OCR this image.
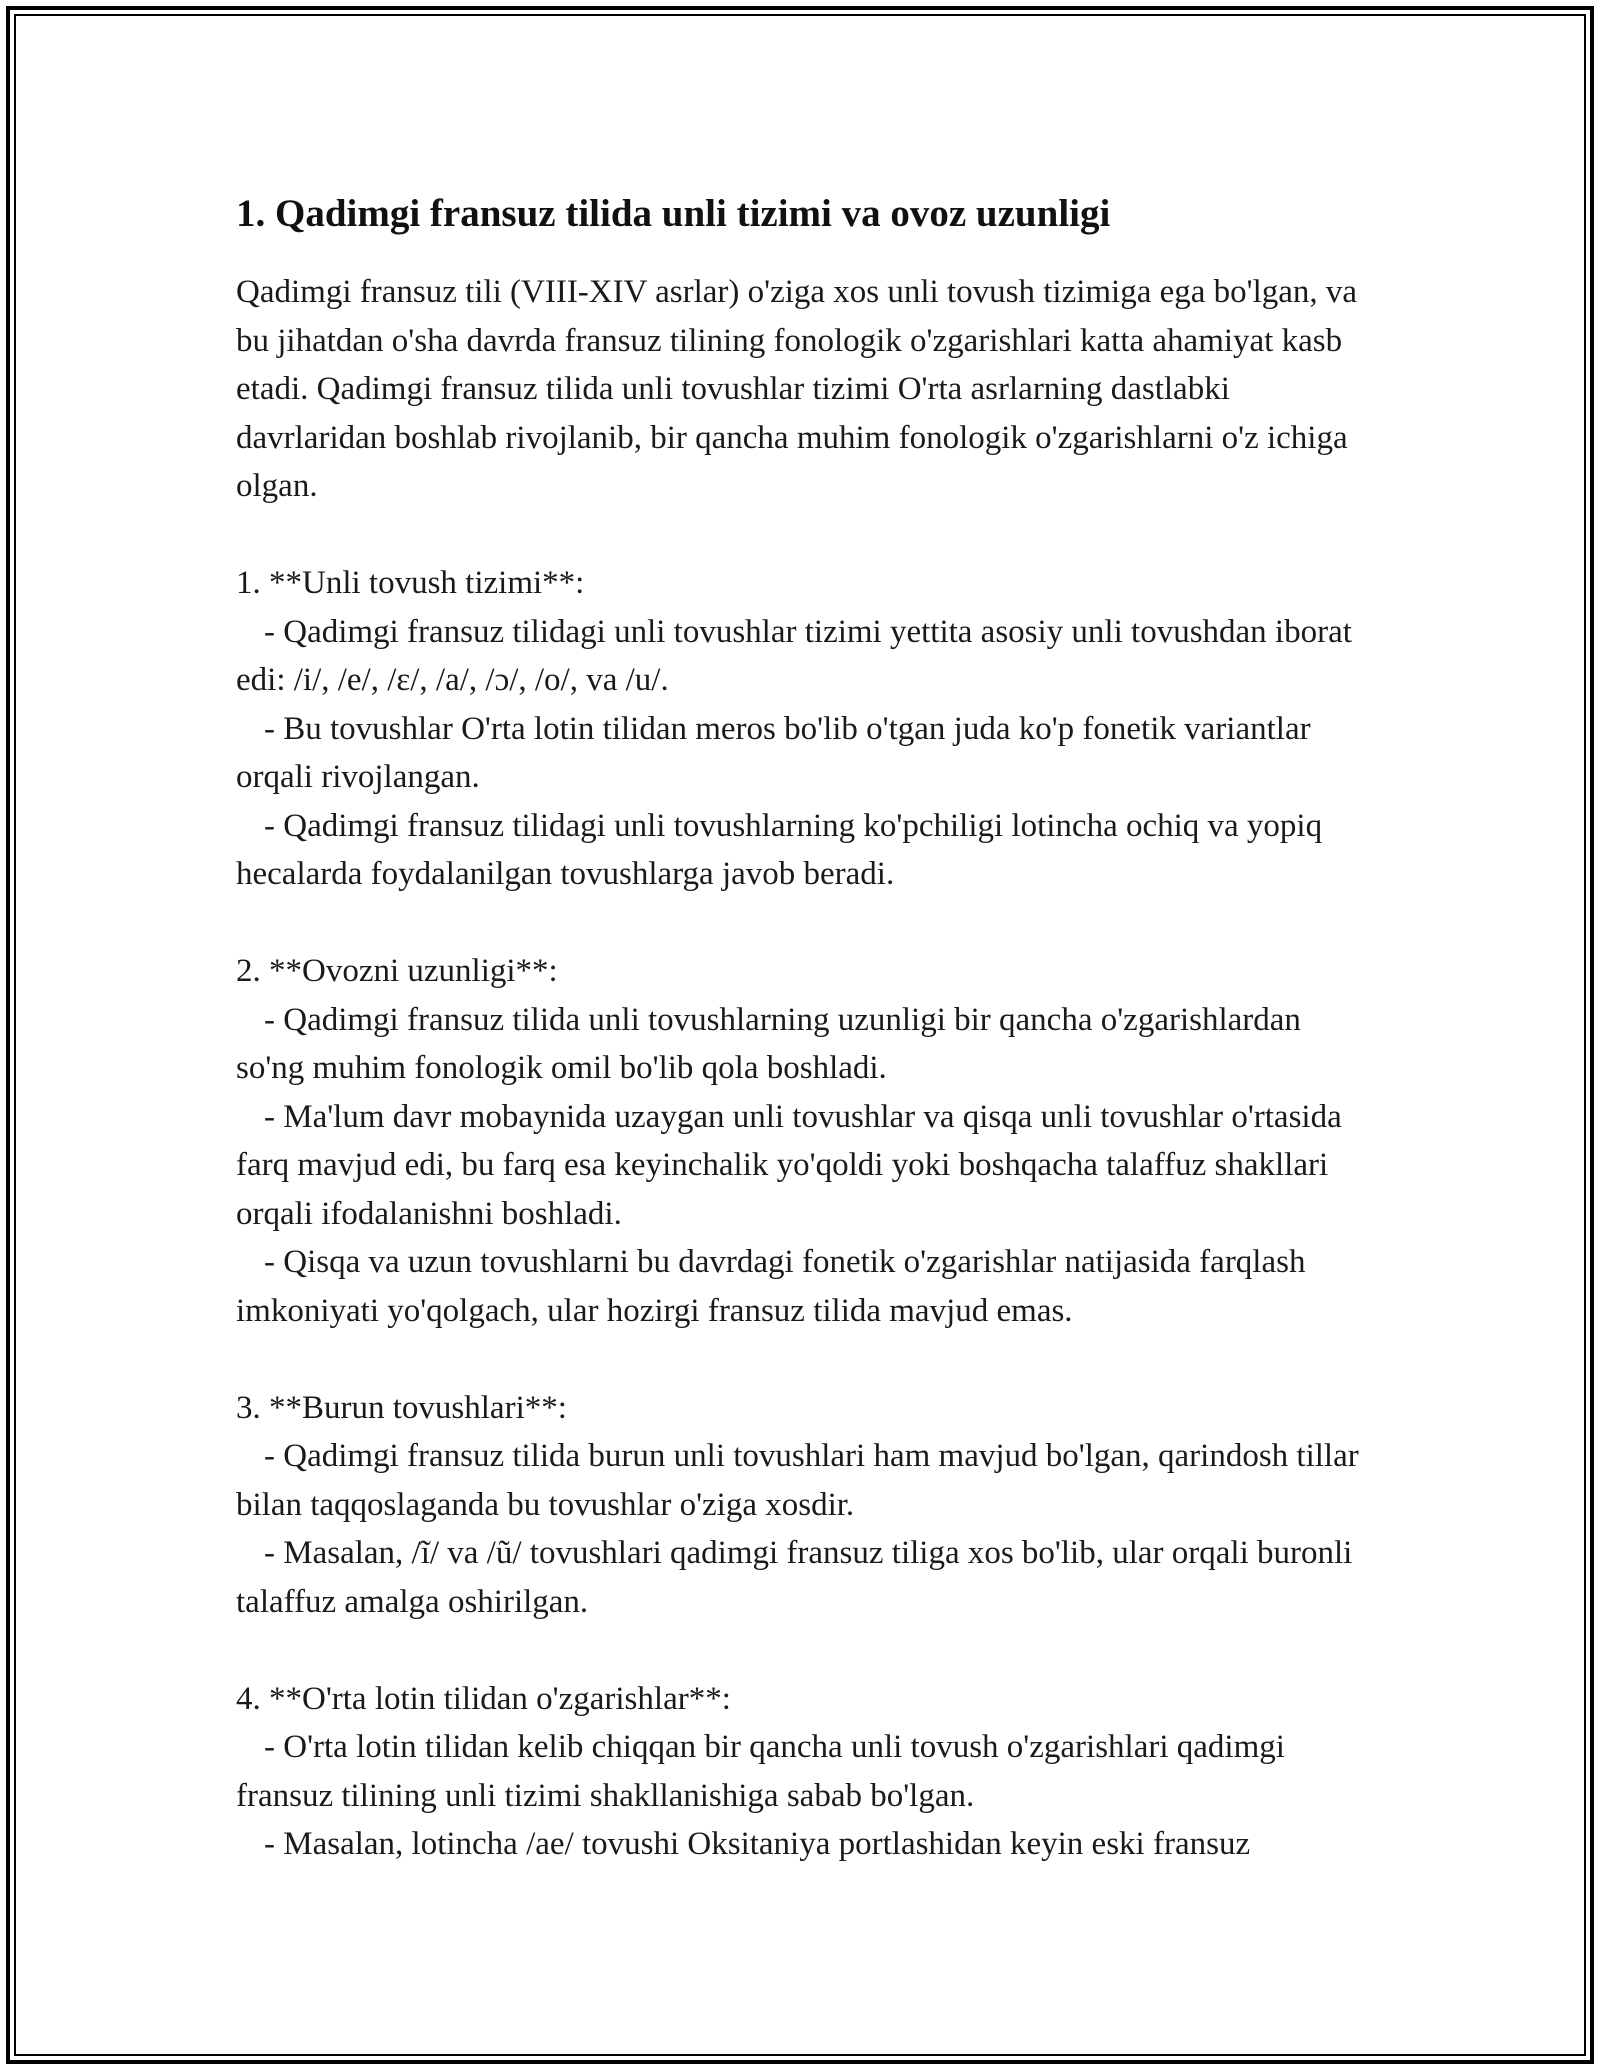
1. Qadimgi fransuz tilida unli tizimi va ovoz uzunligi

Qadimgi fransuz tili (VIII-XIV asrlar) o'ziga xos unli tovush tizimiga ega bo'lgan, va bu jihatdan o'sha davrda fransuz tilining fonologik o'zgarishlari katta ahamiyat kasb etadi. Qadimgi fransuz tilida unli tovushlar tizimi O'rta asrlarning dastlabki davrlaridan boshlab rivojlanib, bir qancha muhim fonologik o'zgarishlarni o'z ichiga olgan.

1. **Unli tovush tizimi**:

- Qadimgi fransuz tilidagi unli tovushlar tizimi yettita asosiy unli tovushdan iborat edi: /i/, /e/, /ɛ/, /a/, /ɔ/, /o/, va /u/.

- Bu tovushlar O'rta lotin tilidan meros bo'lib o'tgan juda ko'p fonetik variantlar orqali rivojlangan.

- Qadimgi fransuz tilidagi unli tovushlarning ko'pchiligi lotincha ochiq va yopiq hecalarda foydalanilgan tovushlarga javob beradi.

2. **Ovozni uzunligi**:

- Qadimgi fransuz tilida unli tovushlarning uzunligi bir qancha o'zgarishlardan so'ng muhim fonologik omil bo'lib qola boshladi.

- Ma'lum davr mobaynida uzaygan unli tovushlar va qisqa unli tovushlar o'rtasida farq mavjud edi, bu farq esa keyinchalik yo'qoldi yoki boshqacha talaffuz shakllari orqali ifodalanishni boshladi.

- Qisqa va uzun tovushlarni bu davrdagi fonetik o'zgarishlar natijasida farqlash imkoniyati yo'qolgach, ular hozirgi fransuz tilida mavjud emas.

3. **Burun tovushlari**:

- Qadimgi fransuz tilida burun unli tovushlari ham mavjud bo'lgan, qarindosh tillar bilan taqqoslaganda bu tovushlar o'ziga xosdir.

- Masalan, /ĩ/ va /ũ/ tovushlari qadimgi fransuz tiliga xos bo'lib, ular orqali buronli talaffuz amalga oshirilgan.

4. **O'rta lotin tilidan o'zgarishlar**:

- O'rta lotin tilidan kelib chiqqan bir qancha unli tovush o'zgarishlari qadimgi fransuz tilining unli tizimi shakllanishiga sabab bo'lgan.

- Masalan, lotincha /ae/ tovushi Oksitaniya portlashidan keyin eski fransuz
